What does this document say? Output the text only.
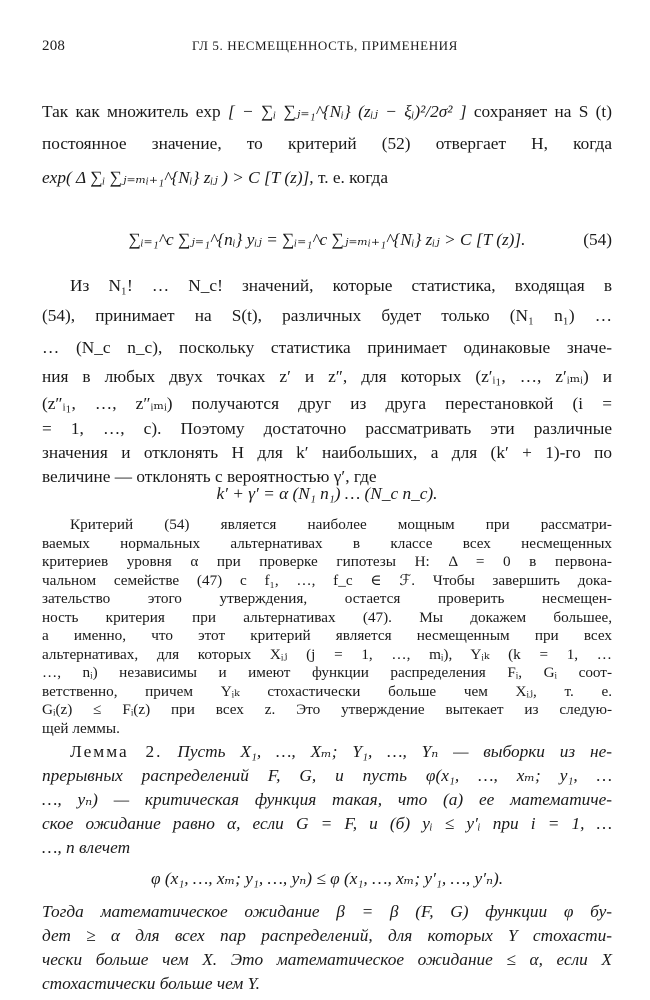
208	ГЛ 5. НЕСМЕЩЕННОСТЬ, ПРИМЕНЕНИЯ
Так как множитель exp [ − ∑ᵢ ∑ⱼ₌₁^{Nᵢ} (zᵢⱼ − ξᵢ)²/2σ² ] сохраняет на S (t)
постоянное значение, то критерий (52) отвергает H, когда
exp( Δ ∑ᵢ ∑ⱼ₌ₘᵢ₊₁^{Nᵢ} zᵢⱼ ) > C [T (z)], т. е. когда
∑ᵢ₌₁^c ∑ⱼ₌₁^{nᵢ} yᵢⱼ = ∑ᵢ₌₁^c ∑ⱼ₌ₘᵢ₊₁^{Nᵢ} zᵢⱼ > C [T (z)].	(54)
Из N₁! … N_c! значений, которые статистика, входящая в
(54), принимает на S(t), различных будет только (N₁ n₁) …
… (N_c n_c), поскольку статистика принимает одинаковые значе-
ния в любых двух точках z′ и z″, для которых (z′ᵢ₁, …, z′ᵢₘᵢ) и
(z″ᵢ₁, …, z″ᵢₘᵢ) получаются друг из друга перестановкой (i =
= 1, …, c). Поэтому достаточно рассматривать эти различные
значения и отклонять H для k′ наибольших, а для (k′ + 1)-го по
величине — отклонять с вероятностью γ′, где
k′ + γ′ = α (N₁ n₁) … (N_c n_c).
Критерий (54) является наиболее мощным при рассматри-
ваемых нормальных альтернативах в классе всех несмещенных
критериев уровня α при проверке гипотезы H: Δ = 0 в первона-
чальном семействе (47) с f₁, …, f_c ∈ ℱ. Чтобы завершить дока-
зательство этого утверждения, остается проверить несмещен-
ность критерия при альтернативах (47). Мы докажем большее,
а именно, что этот критерий является несмещенным при всех
альтернативах, для которых Xᵢⱼ (j = 1, …, mᵢ), Yᵢₖ (k = 1, …
…, nᵢ) независимы и имеют функции распределения Fᵢ, Gᵢ соот-
ветственно, причем Yᵢₖ стохастически больше чем Xᵢⱼ, т. е.
Gᵢ(z) ≤ Fᵢ(z) при всех z. Это утверждение вытекает из следую-
щей леммы.
Лемма 2. Пусть X₁, …, Xₘ; Y₁, …, Yₙ — выборки из не-
прерывных распределений F, G, и пусть φ(x₁, …, xₘ; y₁, …
…, yₙ) — критическая функция такая, что (а) ее математиче-
ское ожидание равно α, если G = F, и (б) yᵢ ≤ y′ᵢ при i = 1, …
…, n влечет
φ (x₁, …, xₘ; y₁, …, yₙ) ≤ φ (x₁, …, xₘ; y′₁, …, y′ₙ).
Тогда математическое ожидание β = β (F, G) функции φ бу-
дет ≥ α для всех пар распределений, для которых Y стохасти-
чески больше чем X. Это математическое ожидание ≤ α, если X
стохастически больше чем Y.
